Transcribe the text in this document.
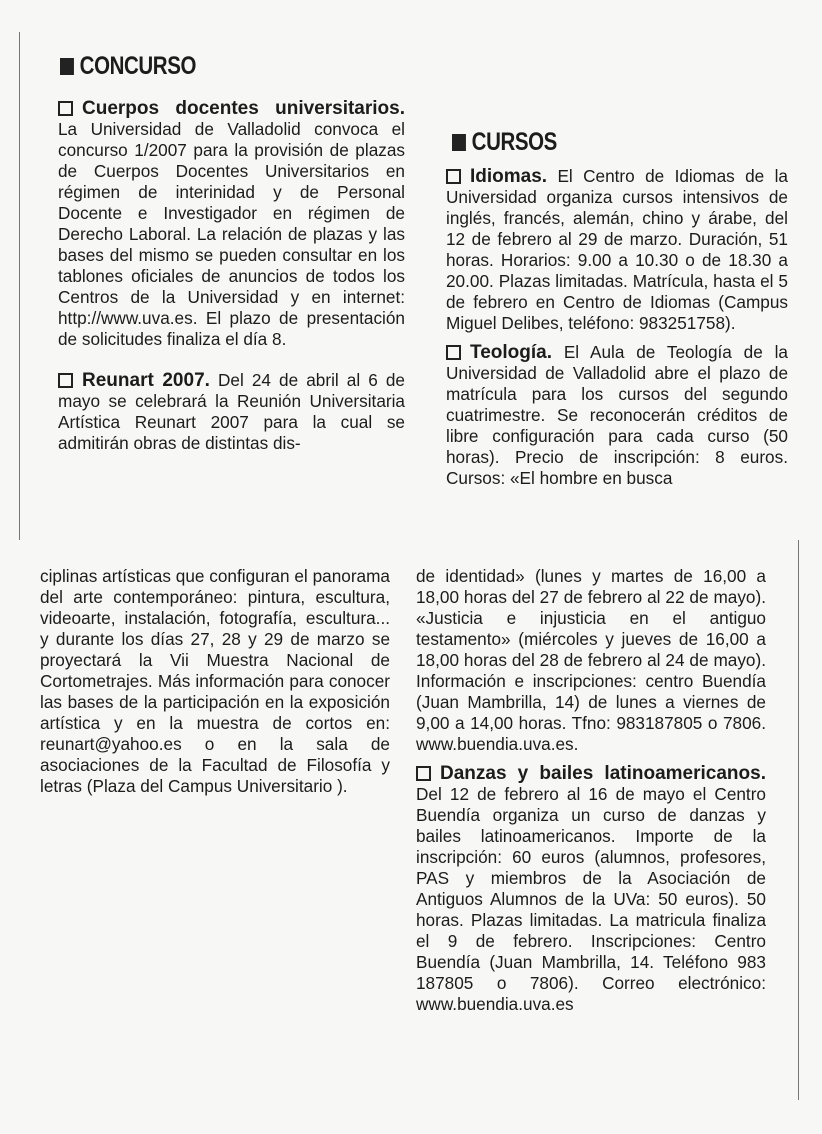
CONCURSO

Cuerpos docentes universitarios. La Universidad de Valladolid convoca el concurso 1/2007 para la provisión de plazas de Cuerpos Docentes Universitarios en régimen de interinidad y de Personal Docente e Investigador en régimen de Derecho Laboral. La relación de plazas y las bases del mismo se pueden consultar en los tablones oficiales de anuncios de todos los Centros de la Universidad y en internet: http://www.uva.es. El plazo de presentación de solicitudes finaliza el día 8.

Reunart 2007. Del 24 de abril al 6 de mayo se celebrará la Reunión Universitaria Artística Reunart 2007 para la cual se admitirán obras de distintas dis-

ciplinas artísticas que configuran el panorama del arte contemporáneo: pintura, escultura, videoarte, instalación, fotografía, escultura... y durante los días 27, 28 y 29 de marzo se proyectará la Vii Muestra Nacional de Cortometrajes. Más información para conocer las bases de la participación en la exposición artística y en la muestra de cortos en: reunart@yahoo.es o en la sala de asociaciones de la Facultad de Filosofía y letras (Plaza del Campus Universitario ).

CURSOS

Idiomas. El Centro de Idiomas de la Universidad organiza cursos intensivos de inglés, francés, alemán, chino y árabe, del 12 de febrero al 29 de marzo. Duración, 51 horas. Horarios: 9.00 a 10.30 o de 18.30 a 20.00. Plazas limitadas. Matrícula, hasta el 5 de febrero en Centro de Idiomas (Campus Miguel Delibes, teléfono: 983251758).

Teología. El Aula de Teología de la Universidad de Valladolid abre el plazo de matrícula para los cursos del segundo cuatrimestre. Se reconocerán créditos de libre configuración para cada curso (50 horas). Precio de inscripción: 8 euros. Cursos: «El hombre en busca

de identidad» (lunes y martes de 16,00 a 18,00 horas del 27 de febrero al 22 de mayo). «Justicia e injusticia en el antiguo testamento» (miércoles y jueves de 16,00 a 18,00 horas del 28 de febrero al 24 de mayo). Información e inscripciones: centro Buendía (Juan Mambrilla, 14) de lunes a viernes de 9,00 a 14,00 horas. Tfno: 983187805 o 7806. www.buendia.uva.es.

Danzas y bailes latinoamericanos. Del 12 de febrero al 16 de mayo el Centro Buendía organiza un curso de danzas y bailes latinoamericanos. Importe de la inscripción: 60 euros (alumnos, profesores, PAS y miembros de la Asociación de Antiguos Alumnos de la UVa: 50 euros). 50 horas. Plazas limitadas. La matricula finaliza el 9 de febrero. Inscripciones: Centro Buendía (Juan Mambrilla, 14. Teléfono 983 187805 o 7806). Correo electrónico: www.buendia.uva.es
